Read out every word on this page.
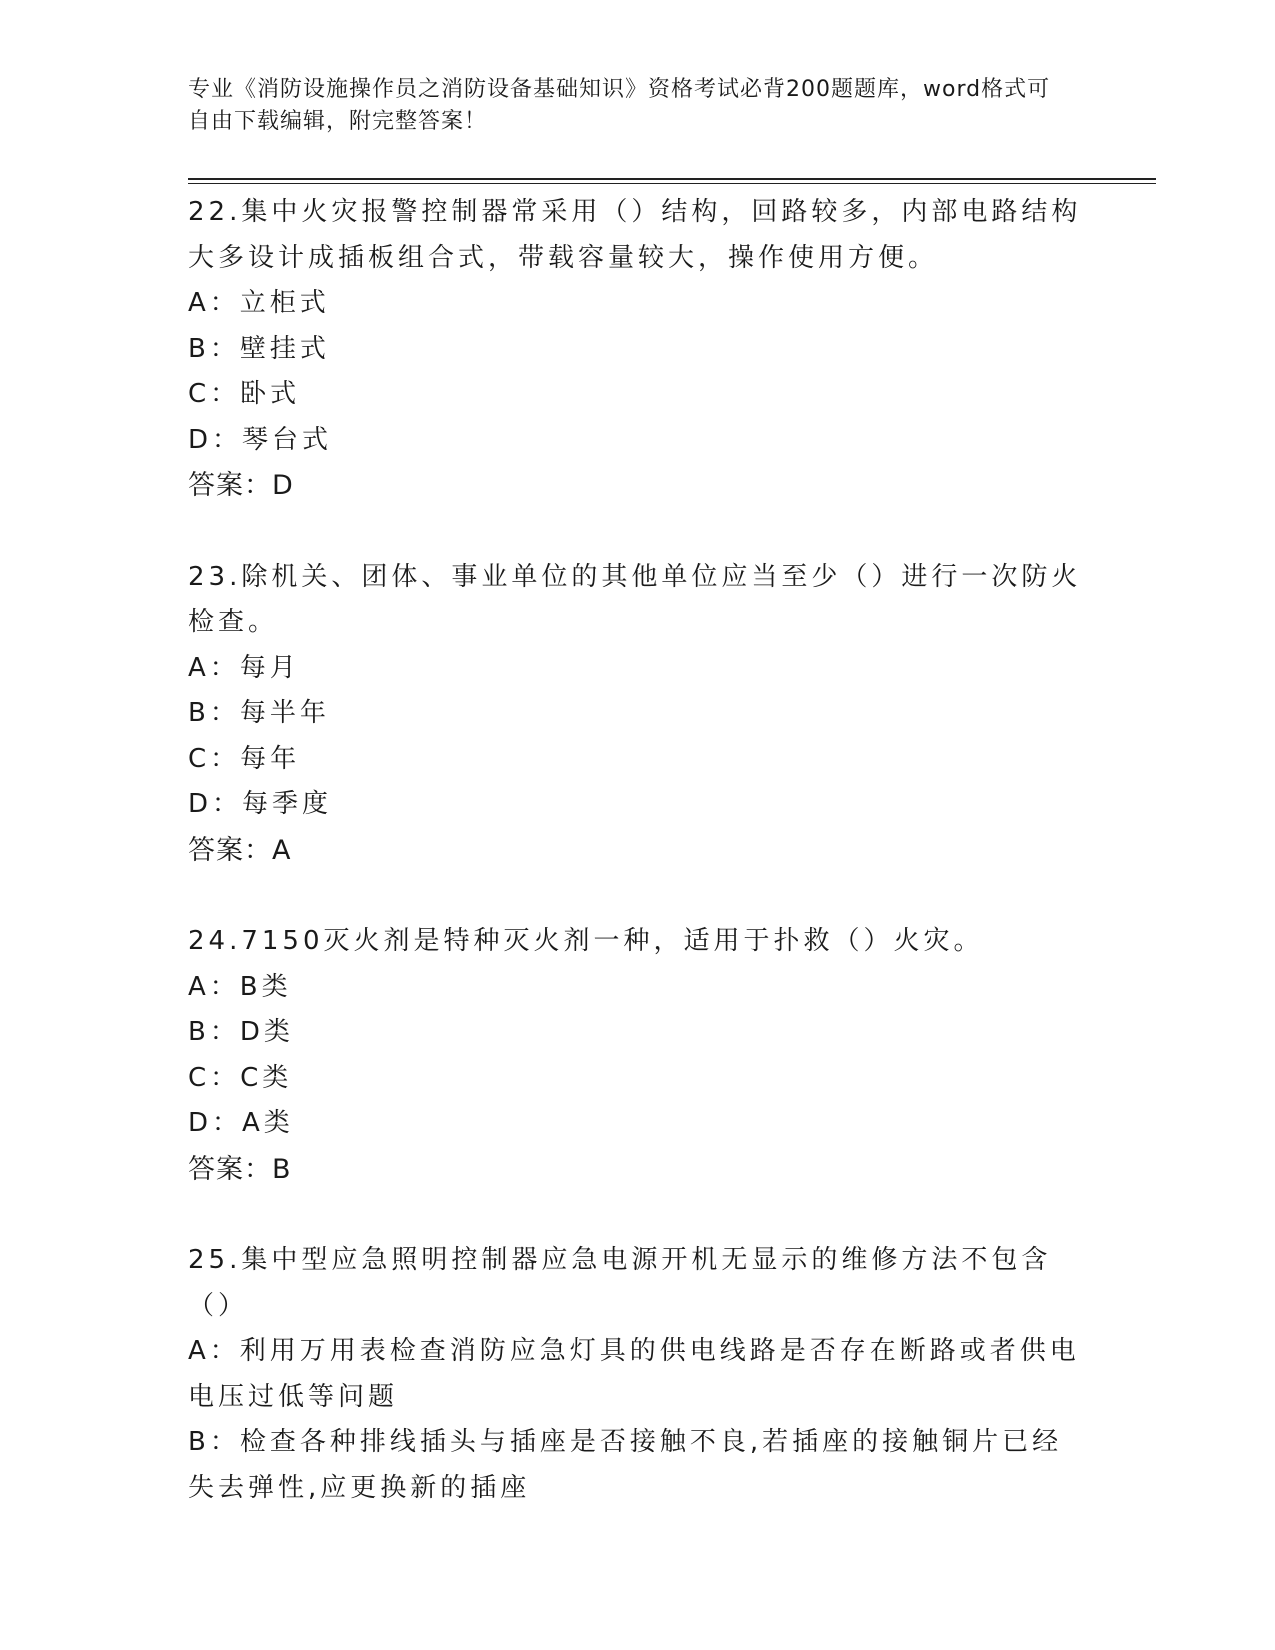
专业《消防设施操作员之消防设备基础知识》资格考试必背200题题库，word格式可自由下载编辑，附完整答案！
22.集中火灾报警控制器常采用（）结构，回路较多，内部电路结构大多设计成插板组合式，带载容量较大，操作使用方便。
A：立柜式
B：壁挂式
C：卧式
D：琴台式
答案：D
23.除机关、团体、事业单位的其他单位应当至少（）进行一次防火检查。
A：每月
B：每半年
C：每年
D：每季度
答案：A
24.7150灭火剂是特种灭火剂一种，适用于扑救（）火灾。
A：B类
B：D类
C：C类
D：A类
答案：B
25.集中型应急照明控制器应急电源开机无显示的维修方法不包含（）
A：利用万用表检查消防应急灯具的供电线路是否存在断路或者供电电压过低等问题
B：检查各种排线插头与插座是否接触不良,若插座的接触铜片已经失去弹性,应更换新的插座
